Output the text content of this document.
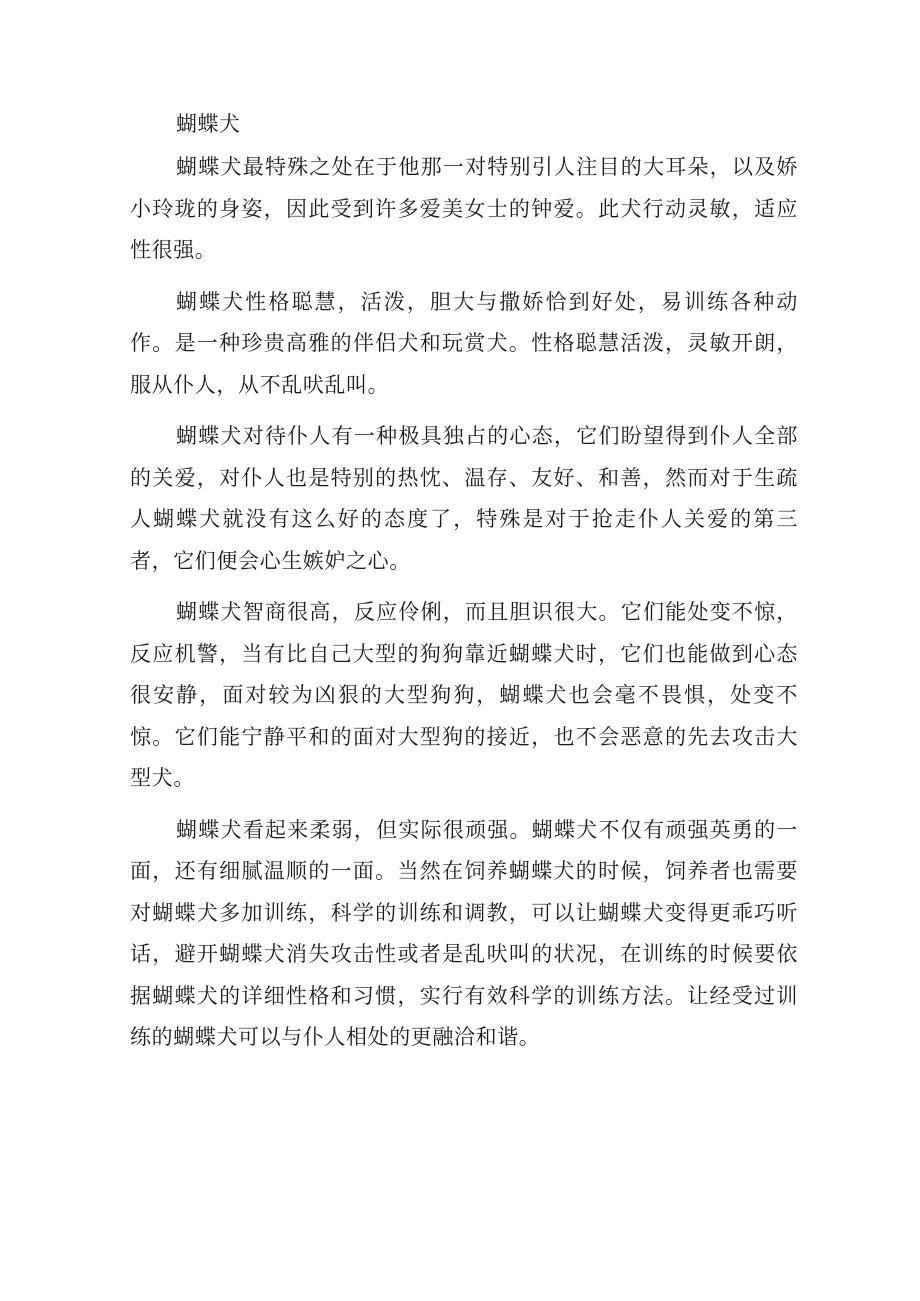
蝴蝶犬

蝴蝶犬最特殊之处在于他那一对特别引人注目的大耳朵，以及娇小玲珑的身姿，因此受到许多爱美女士的钟爱。此犬行动灵敏，适应性很强。

蝴蝶犬性格聪慧，活泼，胆大与撒娇恰到好处，易训练各种动作。是一种珍贵高雅的伴侣犬和玩赏犬。性格聪慧活泼，灵敏开朗，服从仆人，从不乱吠乱叫。

蝴蝶犬对待仆人有一种极具独占的心态，它们盼望得到仆人全部的关爱，对仆人也是特别的热忱、温存、友好、和善，然而对于生疏人蝴蝶犬就没有这么好的态度了，特殊是对于抢走仆人关爱的第三者，它们便会心生嫉妒之心。

蝴蝶犬智商很高，反应伶俐，而且胆识很大。它们能处变不惊，反应机警，当有比自己大型的狗狗靠近蝴蝶犬时，它们也能做到心态很安静，面对较为凶狠的大型狗狗，蝴蝶犬也会毫不畏惧，处变不惊。它们能宁静平和的面对大型狗的接近，也不会恶意的先去攻击大型犬。

蝴蝶犬看起来柔弱，但实际很顽强。蝴蝶犬不仅有顽强英勇的一面，还有细腻温顺的一面。当然在饲养蝴蝶犬的时候，饲养者也需要对蝴蝶犬多加训练，科学的训练和调教，可以让蝴蝶犬变得更乖巧听话，避开蝴蝶犬消失攻击性或者是乱吠叫的状况，在训练的时候要依据蝴蝶犬的详细性格和习惯，实行有效科学的训练方法。让经受过训练的蝴蝶犬可以与仆人相处的更融洽和谐。
